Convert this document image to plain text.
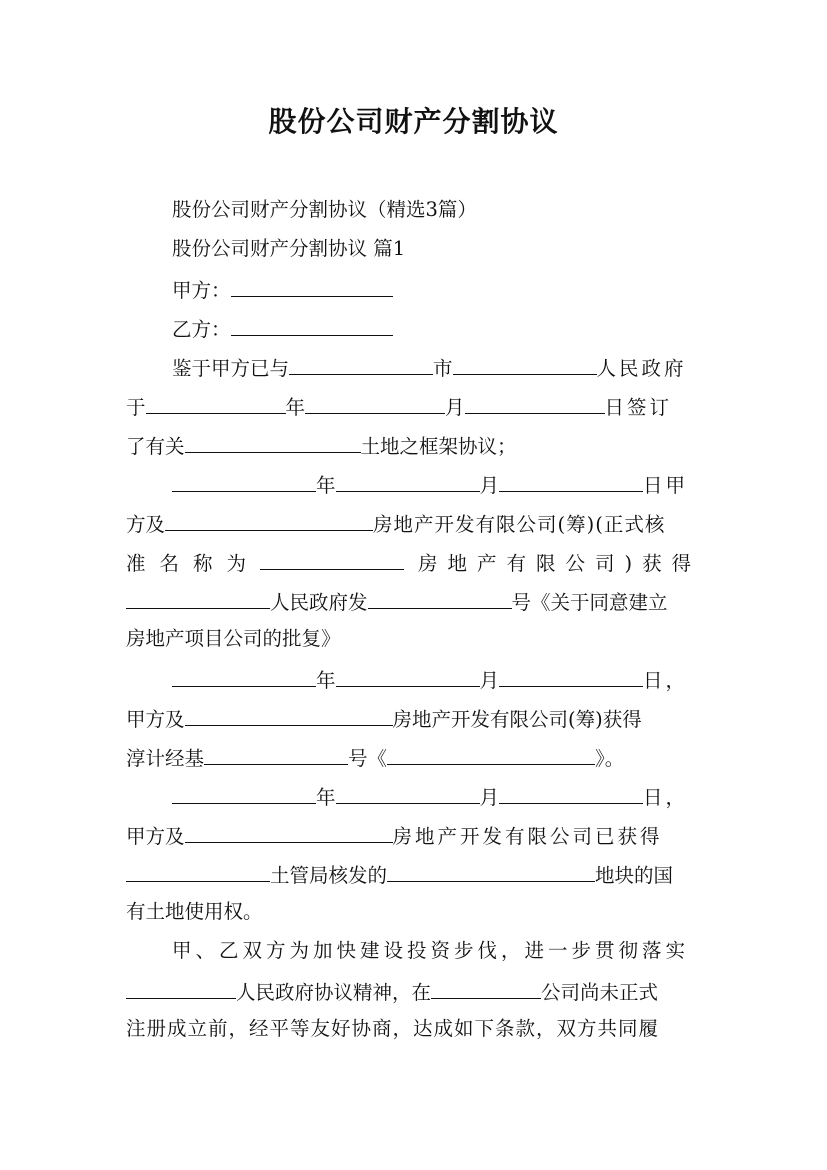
股份公司财产分割协议
股份公司财产分割协议（精选3篇）
股份公司财产分割协议 篇1
甲方：
乙方：
鉴于甲方已与	市	人民政府
于	年	月	日签订
了有关	土地之框架协议；
年	月	日甲
方及	房地产开发有限公司(筹)(正式核
准名称为	房地产有限公司)获得
人民政府发	号《关于同意建立
房地产项目公司的批复》
年	月	日，
甲方及	房地产开发有限公司(筹)获得
淳计经基	号《	》。
年	月	日，
甲方及	房地产开发有限公司已获得
土管局核发的	地块的国
有土地使用权。
甲、乙双方为加快建设投资步伐，进一步贯彻落实
人民政府协议精神，在	公司尚未正式
注册成立前，经平等友好协商，达成如下条款，双方共同履
